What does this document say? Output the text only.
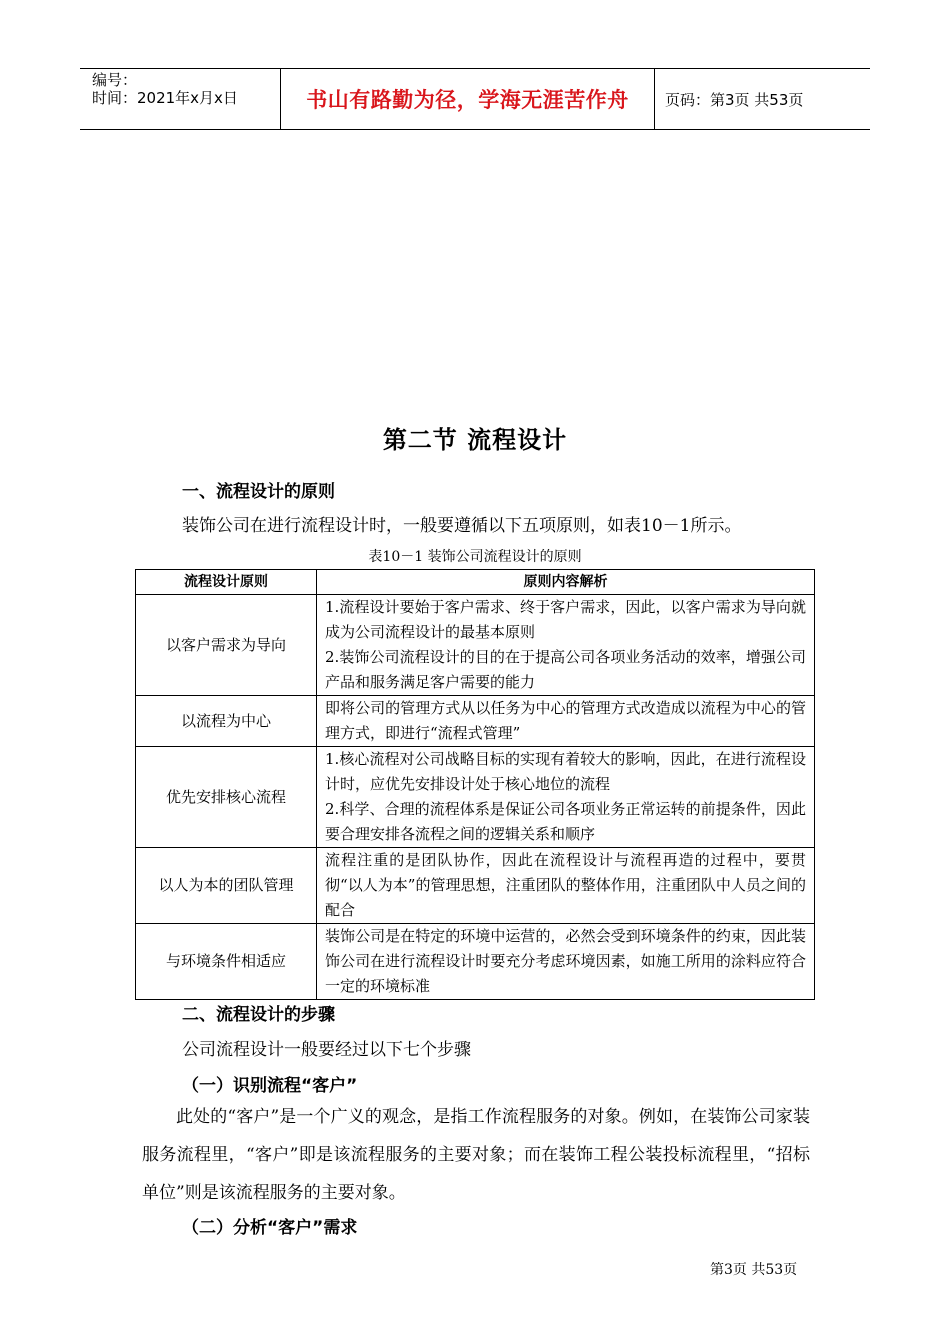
编号：
时间：2021年x月x日	书山有路勤为径，学海无涯苦作舟	页码：第3页 共53页
第二节 流程设计
一、流程设计的原则
装饰公司在进行流程设计时，一般要遵循以下五项原则，如表10－1所示。
表10－1 装饰公司流程设计的原则
流程设计原则	原则内容解析
以客户需求为导向	1.流程设计要始于客户需求、终于客户需求，因此，以客户需求为导向就成为公司流程设计的最基本原则
2.装饰公司流程设计的目的在于提高公司各项业务活动的效率，增强公司产品和服务满足客户需要的能力

以流程为中心	即将公司的管理方式从以任务为中心的管理方式改造成以流程为中心的管理方式，即进行“流程式管理”

优先安排核心流程	1.核心流程对公司战略目标的实现有着较大的影响，因此，在进行流程设计时，应优先安排设计处于核心地位的流程
2.科学、合理的流程体系是保证公司各项业务正常运转的前提条件，因此要合理安排各流程之间的逻辑关系和顺序

以人为本的团队管理	流程注重的是团队协作，因此在流程设计与流程再造的过程中，要贯彻“以人为本”的管理思想，注重团队的整体作用，注重团队中人员之间的配合

与环境条件相适应	装饰公司是在特定的环境中运营的，必然会受到环境条件的约束，因此装饰公司在进行流程设计时要充分考虑环境因素，如施工所用的涂料应符合一定的环境标准
二、流程设计的步骤
公司流程设计一般要经过以下七个步骤
（一）识别流程“客户”
此处的“客户”是一个广义的观念，是指工作流程服务的对象。例如，在装饰公司家装服务流程里，“客户”即是该流程服务的主要对象；而在装饰工程公装投标流程里，“招标单位”则是该流程服务的主要对象。
（二）分析“客户”需求
第3页 共53页
